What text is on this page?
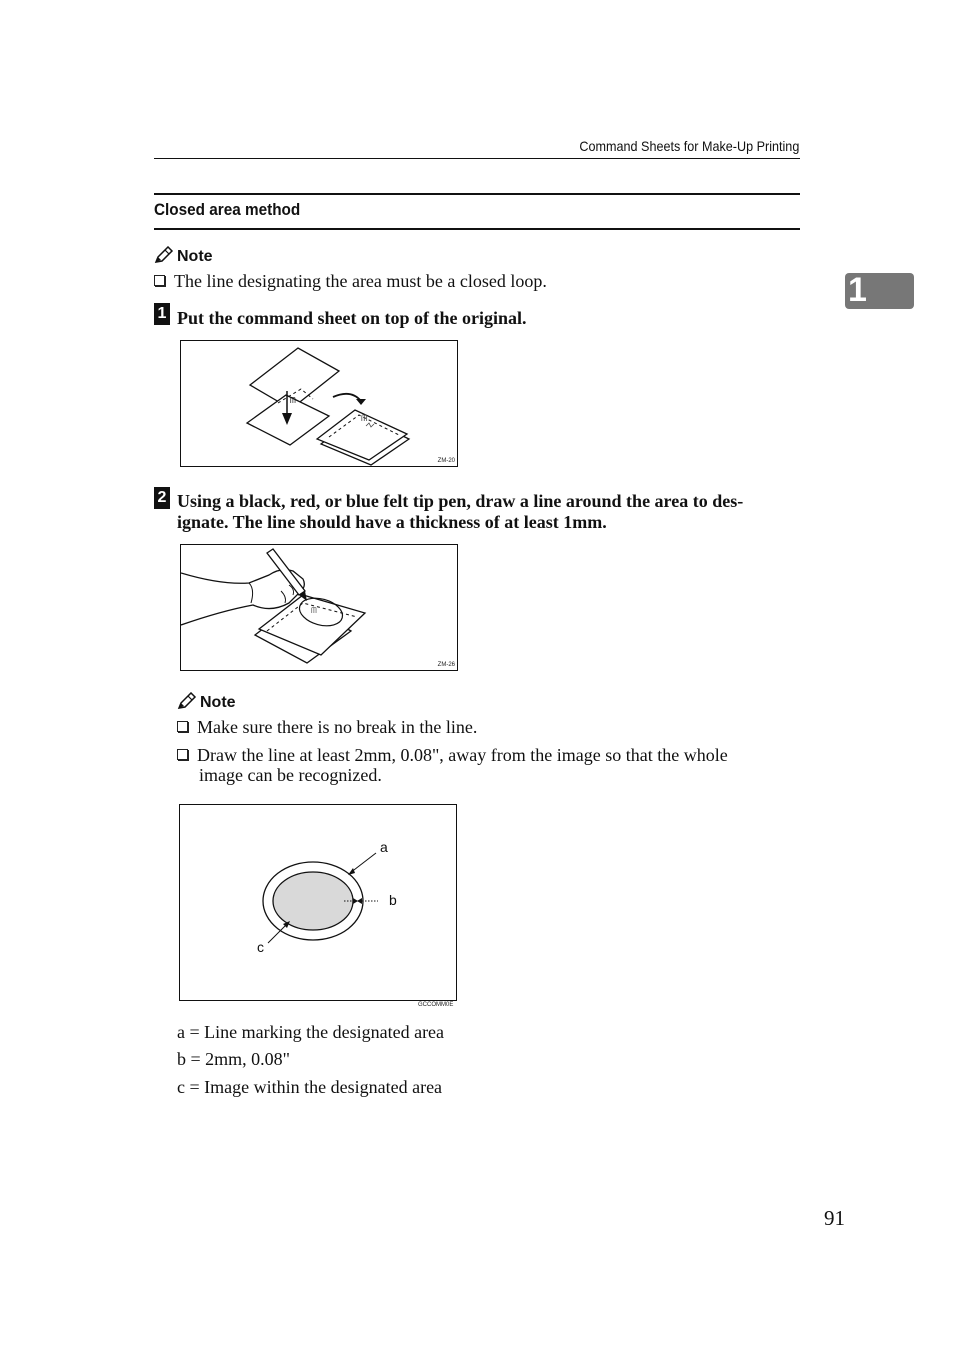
Command Sheets for Make-Up Printing
Closed area method
1
Note
The line designating the area must be a closed loop.
1 Put the command sheet on top of the original.
ᗰ
ᗰ
ZM-20
2 Using a black, red, or blue felt tip pen, draw a line around the area to des-
ignate. The line should have a thickness of at least 1mm.
ᗰ
ZM-26
Note
Make sure there is no break in the line.
Draw the line at least 2mm, 0.08", away from the image so that the whole
image can be recognized.
a
b
c
GCCOMM0E
a = Line marking the designated area
b = 2mm, 0.08"
c = Image within the designated area
91
